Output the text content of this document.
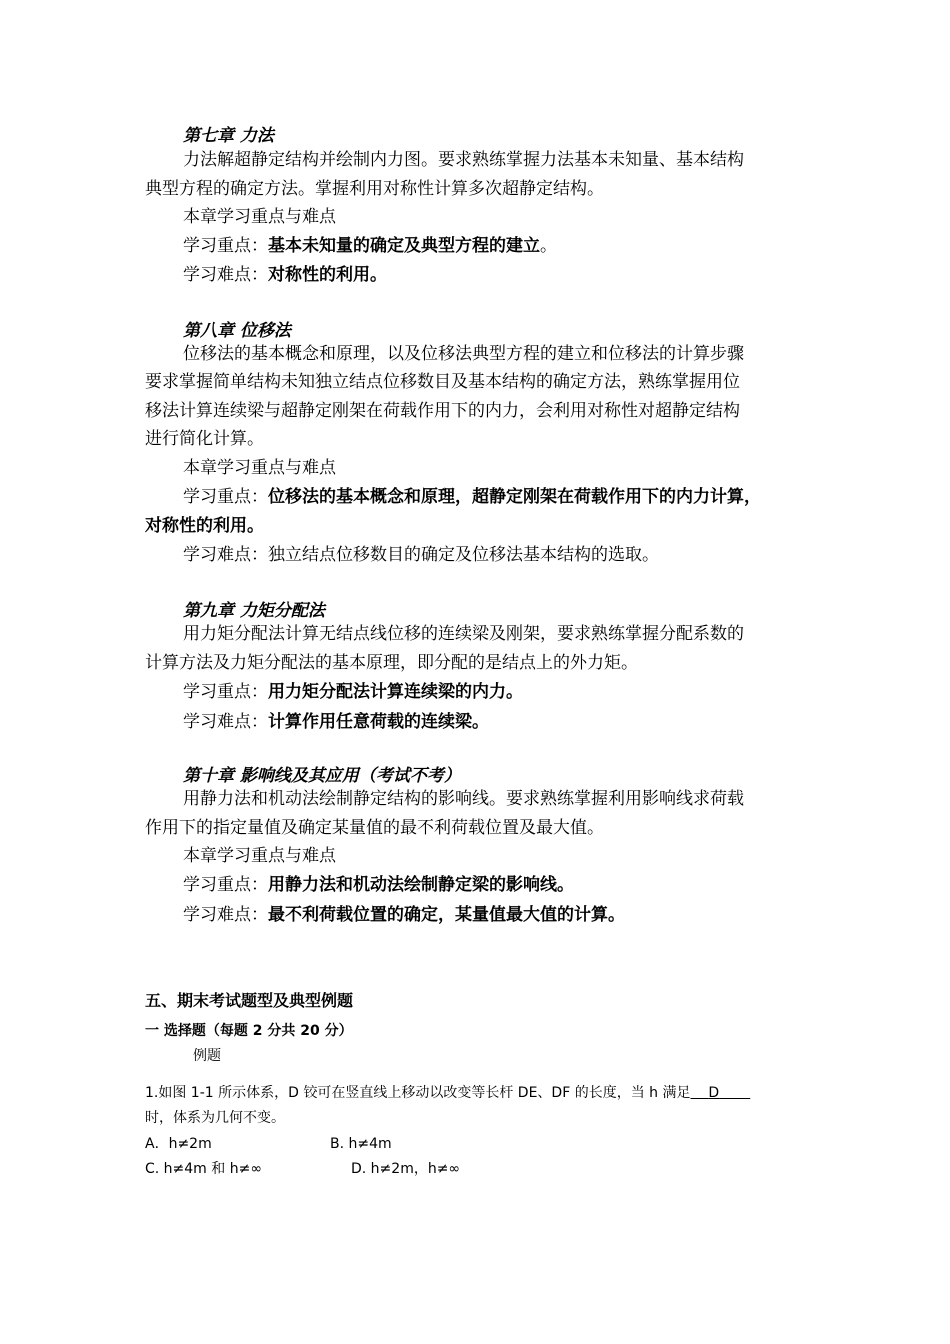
第七章 力法
力法解超静定结构并绘制内力图。要求熟练掌握力法基本未知量、基本结构
典型方程的确定方法。掌握利用对称性计算多次超静定结构。
本章学习重点与难点
学习重点：基本未知量的确定及典型方程的建立。
学习难点：对称性的利用。
第八章 位移法
位移法的基本概念和原理，以及位移法典型方程的建立和位移法的计算步骤
要求掌握简单结构未知独立结点位移数目及基本结构的确定方法，熟练掌握用位
移法计算连续梁与超静定刚架在荷载作用下的内力，会利用对称性对超静定结构
进行简化计算。
本章学习重点与难点
学习重点：位移法的基本概念和原理，超静定刚架在荷载作用下的内力计算，
对称性的利用。
学习难点：独立结点位移数目的确定及位移法基本结构的选取。
第九章 力矩分配法
用力矩分配法计算无结点线位移的连续梁及刚架，要求熟练掌握分配系数的
计算方法及力矩分配法的基本原理，即分配的是结点上的外力矩。
学习重点：用力矩分配法计算连续梁的内力。
学习难点：计算作用任意荷载的连续梁。
第十章 影响线及其应用（考试不考）
用静力法和机动法绘制静定结构的影响线。要求熟练掌握利用影响线求荷载
作用下的指定量值及确定某量值的最不利荷载位置及最大值。
本章学习重点与难点
学习重点：用静力法和机动法绘制静定梁的影响线。
学习难点：最不利荷载位置的确定，某量值最大值的计算。
五、期末考试题型及典型例题
一 选择题（每题 2 分共 20 分）
例题
1.如图 1-1 所示体系，D 铰可在竖直线上移动以改变等长杆 DE、DF 的长度，当 h 满足 D
时，体系为几何不变。
A．h≠2m	B. h≠4m
C. h≠4m 和 h≠∞	D. h≠2m，h≠∞
